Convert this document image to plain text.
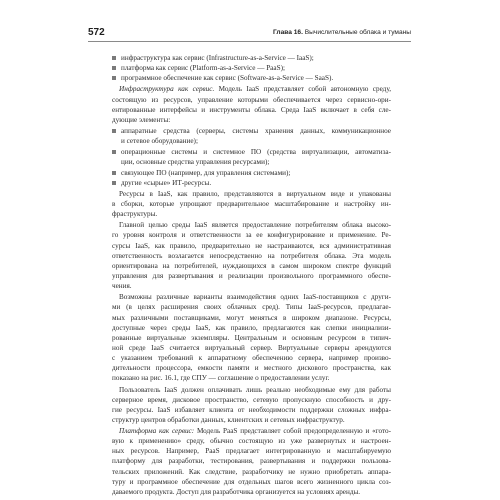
572	Глава 16. Вычислительные облака и туманы
инфраструктура как сервис (Infrastructure-as-a-Service — IaaS);
платформа как сервис (Platform-as-a-Service — PaaS);
программное обеспечение как сервис (Software-as-a-Service — SaaS).
Инфраструктура как сервис. Модель IaaS представляет собой автономную среду,
состоящую из ресурсов, управление которыми обеспечивается через сервисно-ори-
ентированные интерфейсы и инструменты облака. Среда IaaS включает в себя сле-
дующие элементы:
аппаратные средства (серверы, системы хранения данных, коммуникационное
и сетевое оборудование);
операционные системы и системное ПО (средства виртуализации, автоматиза-
ции, основные средства управления ресурсами);
связующее ПО (например, для управления системами);
другие «сырые» ИТ-ресурсы.
Ресурсы в IaaS, как правило, представляются в виртуальном виде и упакованы
в сборки, которые упрощают предварительное масштабирование и настройку ин-
фраструктуры.
Главной целью среды IaaS является предоставление потребителям облака высоко-
го уровня контроля и ответственности за ее конфигурирование и применение. Ре-
сурсы IaaS, как правило, предварительно не настраиваются, вся административная
ответственность возлагается непосредственно на потребителя облака. Эта модель
ориентирована на потребителей, нуждающихся в самом широком спектре функций
управления для развертывания и реализации произвольного программного обеспе-
чения.
Возможны различные варианты взаимодействия одних IaaS-поставщиков с други-
ми (в целях расширения своих облачных сред). Типы IaaS-ресурсов, предлагае-
мых различными поставщиками, могут меняться в широком диапазоне. Ресурсы,
доступные через среды IaaS, как правило, предлагаются как слепки инициализи-
рованные виртуальные экземпляры. Центральным и основным ресурсом в типич-
ной среде IaaS считается виртуальный сервер. Виртуальные серверы арендуются
с указанием требований к аппаратному обеспечению сервера, например произво-
дительности процессора, емкости памяти и местного дискового пространства, как
показано на рис. 16.1, где СПУ — соглашение о предоставлении услуг.
Пользователь IaaS должен оплачивать лишь реально необходимые ему для работы
серверное время, дисковое пространство, сетевую пропускную способность и дру-
гие ресурсы. IaaS избавляет клиента от необходимости поддержки сложных инфра-
структур центров обработки данных, клиентских и сетевых инфраструктур.
Платформа как сервис: Модель PaaS представляет собой предопределенную и «гото-
вую к применению» среду, обычно состоящую из уже развернутых и настроен-
ных ресурсов. Например, PaaS предлагает интегрированную и масштабируемую
платформу для разработки, тестирования, развертывания и поддержки пользова-
тельских приложений. Как следствие, разработчику не нужно приобретать аппара-
туру и программное обеспечение для отдельных шагов всего жизненного цикла соз-
даваемого продукта. Доступ для разработчика организуется на условиях аренды.
